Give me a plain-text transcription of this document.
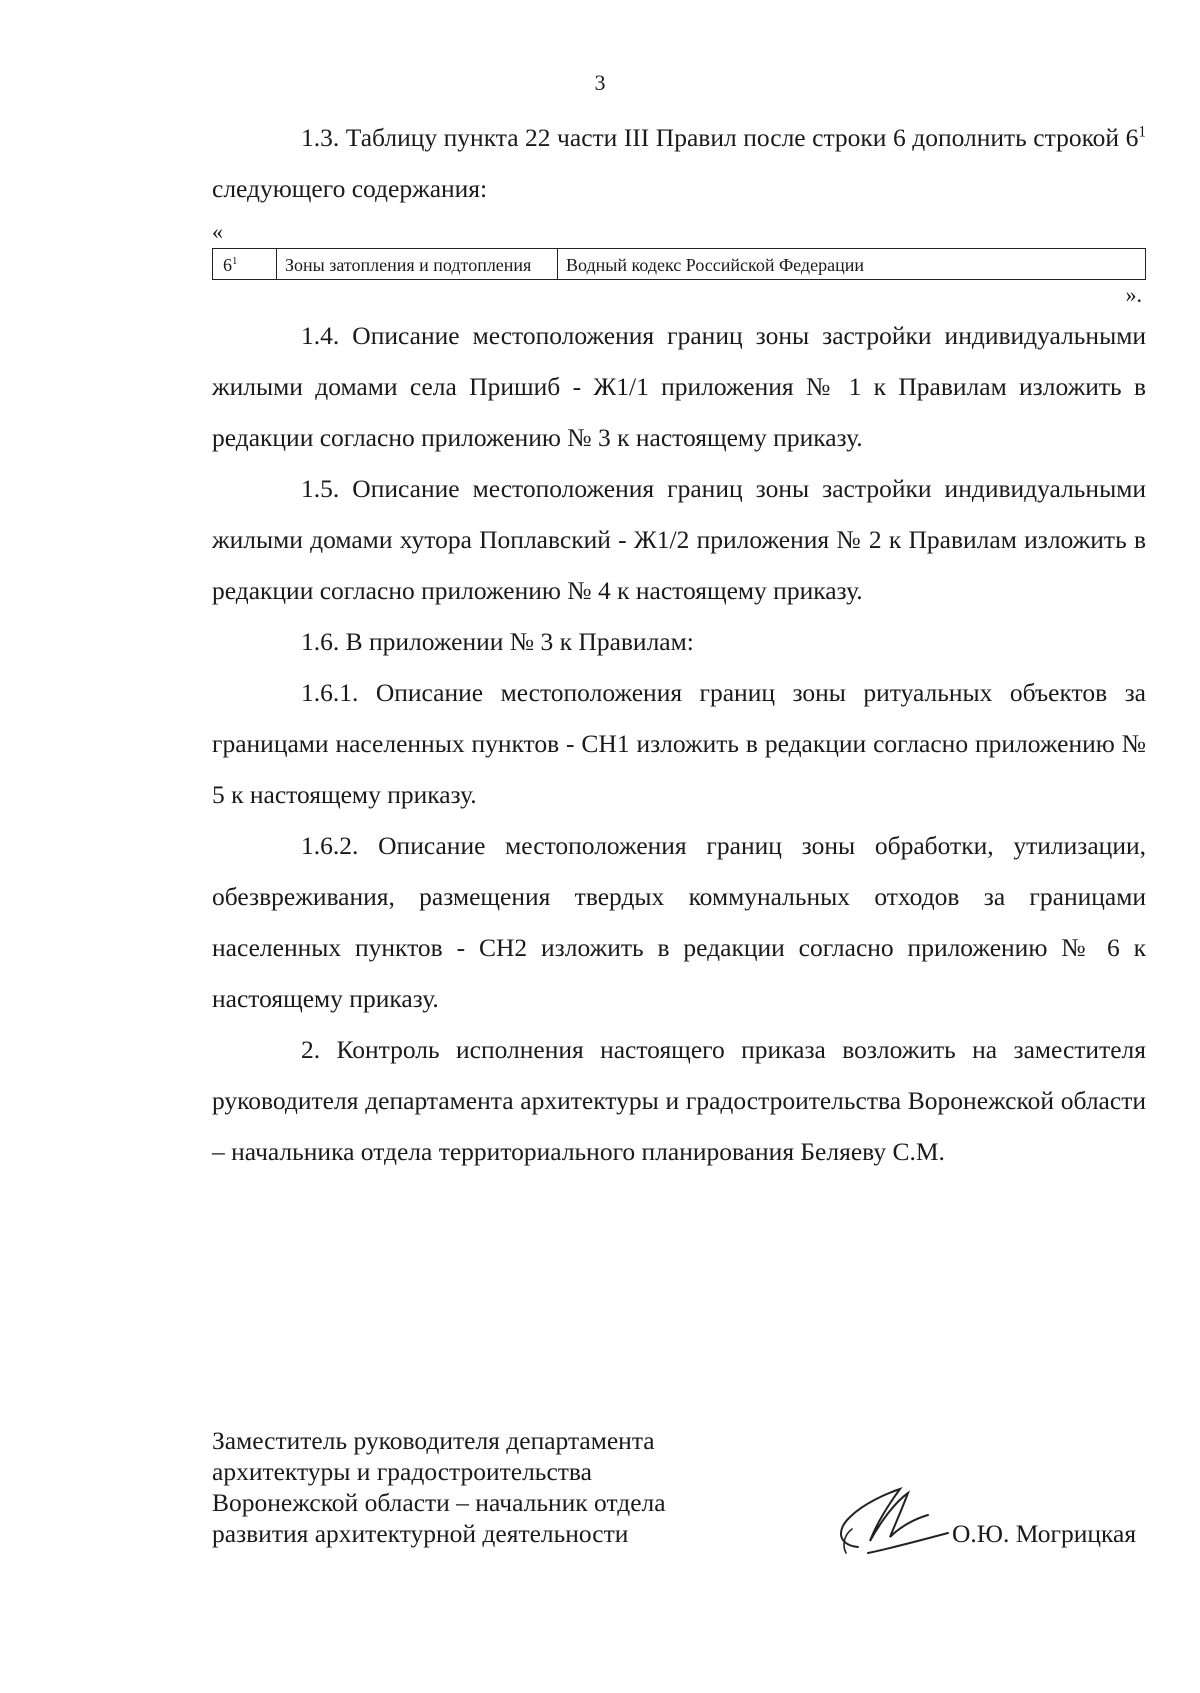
3

1.3. Таблицу пункта 22 части III Правил после строки 6 дополнить строкой $6^1$ следующего содержания:

«
$6^1$	Зоны затопления и подтопления	Водный кодекс Российской Федерации
».

1.4. Описание местоположения границ зоны застройки индивидуальными жилыми домами села Пришиб - Ж1/1 приложения № 1 к Правилам изложить в редакции согласно приложению № 3 к настоящему приказу.

1.5. Описание местоположения границ зоны застройки индивидуальными жилыми домами хутора Поплавский - Ж1/2 приложения № 2 к Правилам изложить в редакции согласно приложению № 4 к настоящему приказу.

1.6. В приложении № 3 к Правилам:

1.6.1. Описание местоположения границ зоны ритуальных объектов за границами населенных пунктов - СН1 изложить в редакции согласно приложению № 5 к настоящему приказу.

1.6.2. Описание местоположения границ зоны обработки, утилизации, обезвреживания, размещения твердых коммунальных отходов за границами населенных пунктов - СН2 изложить в редакции согласно приложению № 6 к настоящему приказу.

2. Контроль исполнения настоящего приказа возложить на заместителя руководителя департамента архитектуры и градостроительства Воронежской области – начальника отдела территориального планирования Беляеву С.М.

Заместитель руководителя департамента
архитектуры и градостроительства
Воронежской области – начальник отдела
развития архитектурной деятельности	О.Ю. Могрицкая
